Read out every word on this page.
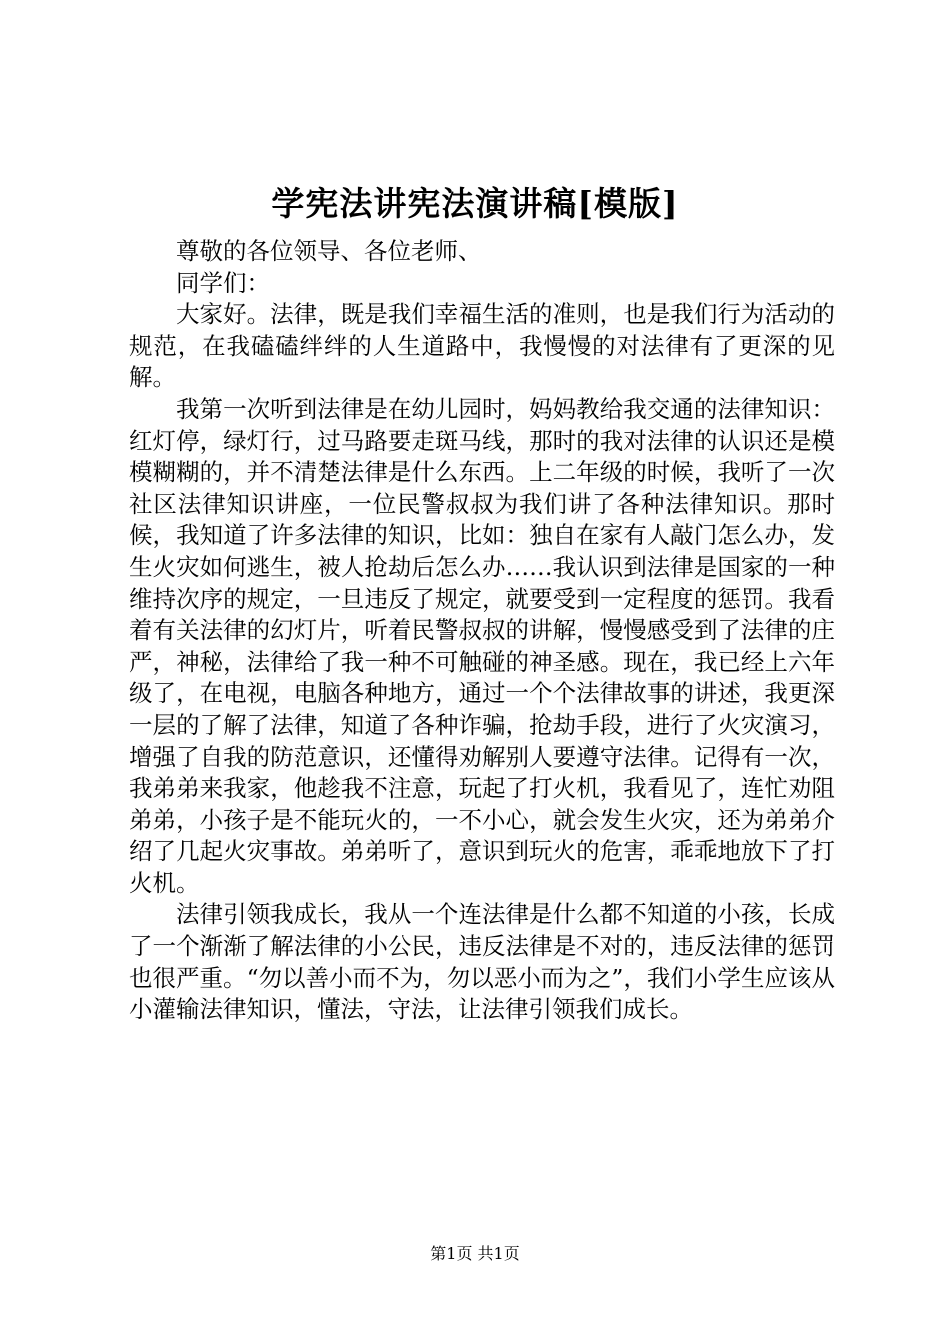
学宪法讲宪法演讲稿[模版]

尊敬的各位领导、各位老师、

同学们：

大家好。法律，既是我们幸福生活的准则，也是我们行为活动的规范，在我磕磕绊绊的人生道路中，我慢慢的对法律有了更深的见解。

我第一次听到法律是在幼儿园时，妈妈教给我交通的法律知识：红灯停，绿灯行，过马路要走斑马线，那时的我对法律的认识还是模模糊糊的，并不清楚法律是什么东西。上二年级的时候，我听了一次社区法律知识讲座，一位民警叔叔为我们讲了各种法律知识。那时候，我知道了许多法律的知识，比如：独自在家有人敲门怎么办，发生火灾如何逃生，被人抢劫后怎么办……我认识到法律是国家的一种维持次序的规定，一旦违反了规定，就要受到一定程度的惩罚。我看着有关法律的幻灯片，听着民警叔叔的讲解，慢慢感受到了法律的庄严，神秘，法律给了我一种不可触碰的神圣感。现在，我已经上六年级了，在电视，电脑各种地方，通过一个个法律故事的讲述，我更深一层的了解了法律，知道了各种诈骗，抢劫手段，进行了火灾演习，增强了自我的防范意识，还懂得劝解别人要遵守法律。记得有一次，我弟弟来我家，他趁我不注意，玩起了打火机，我看见了，连忙劝阻弟弟，小孩子是不能玩火的，一不小心，就会发生火灾，还为弟弟介绍了几起火灾事故。弟弟听了，意识到玩火的危害，乖乖地放下了打火机。

法律引领我成长，我从一个连法律是什么都不知道的小孩，长成了一个渐渐了解法律的小公民，违反法律是不对的，违反法律的惩罚也很严重。“勿以善小而不为，勿以恶小而为之”，我们小学生应该从小灌输法律知识，懂法，守法，让法律引领我们成长。

第1页 共1页
